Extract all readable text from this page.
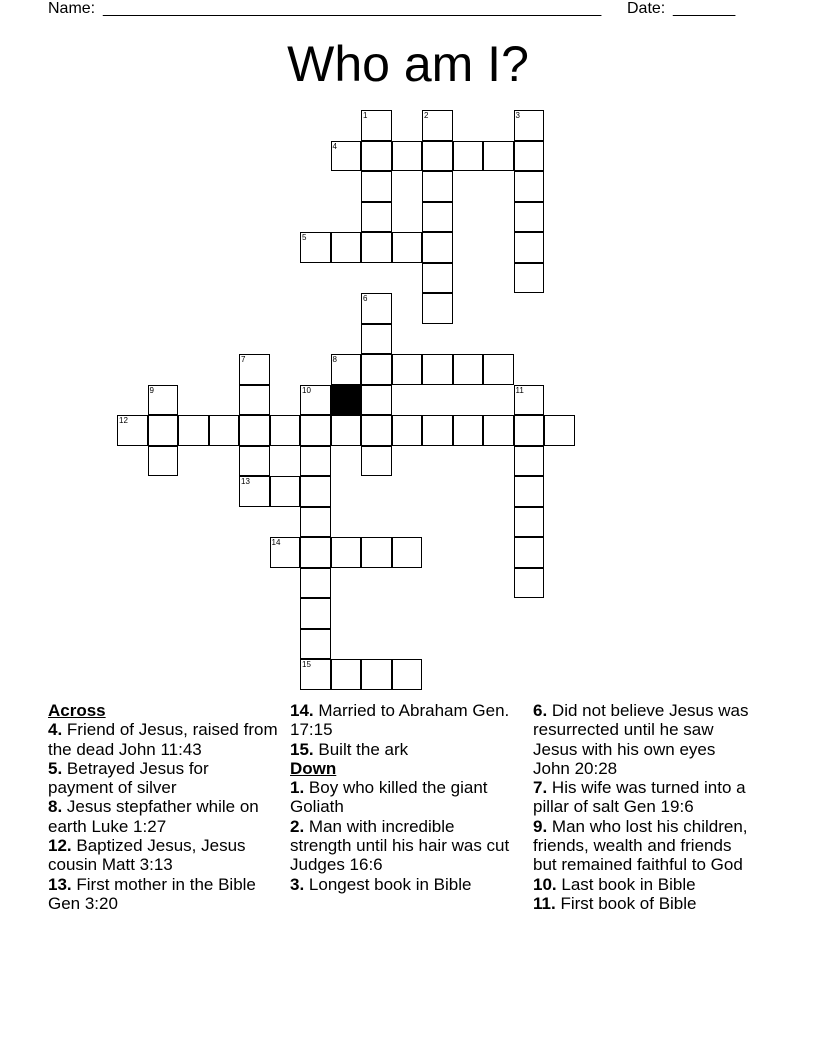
Name: ________________________________________________________ Date: _______
Who am I?
4
5
8
12
13
14
15
1	2	3
6
7
9	10	11
Across
4. Friend of Jesus, raised from the dead John 11:43
5. Betrayed Jesus for payment of silver
8. Jesus stepfather while on earth Luke 1:27
12. Baptized Jesus, Jesus cousin Matt 3:13
13. First mother in the Bible Gen 3:20
14. Married to Abraham Gen. 17:15
15. Built the ark
Down
1. Boy who killed the giant Goliath
2. Man with incredible strength until his hair was cut Judges 16:6
3. Longest book in Bible
6. Did not believe Jesus was resurrected until he saw Jesus with his own eyes John 20:28
7. His wife was turned into a pillar of salt Gen 19:6
9. Man who lost his children, friends, wealth and friends but remained faithful to God
10. Last book in Bible
11. First book of Bible
